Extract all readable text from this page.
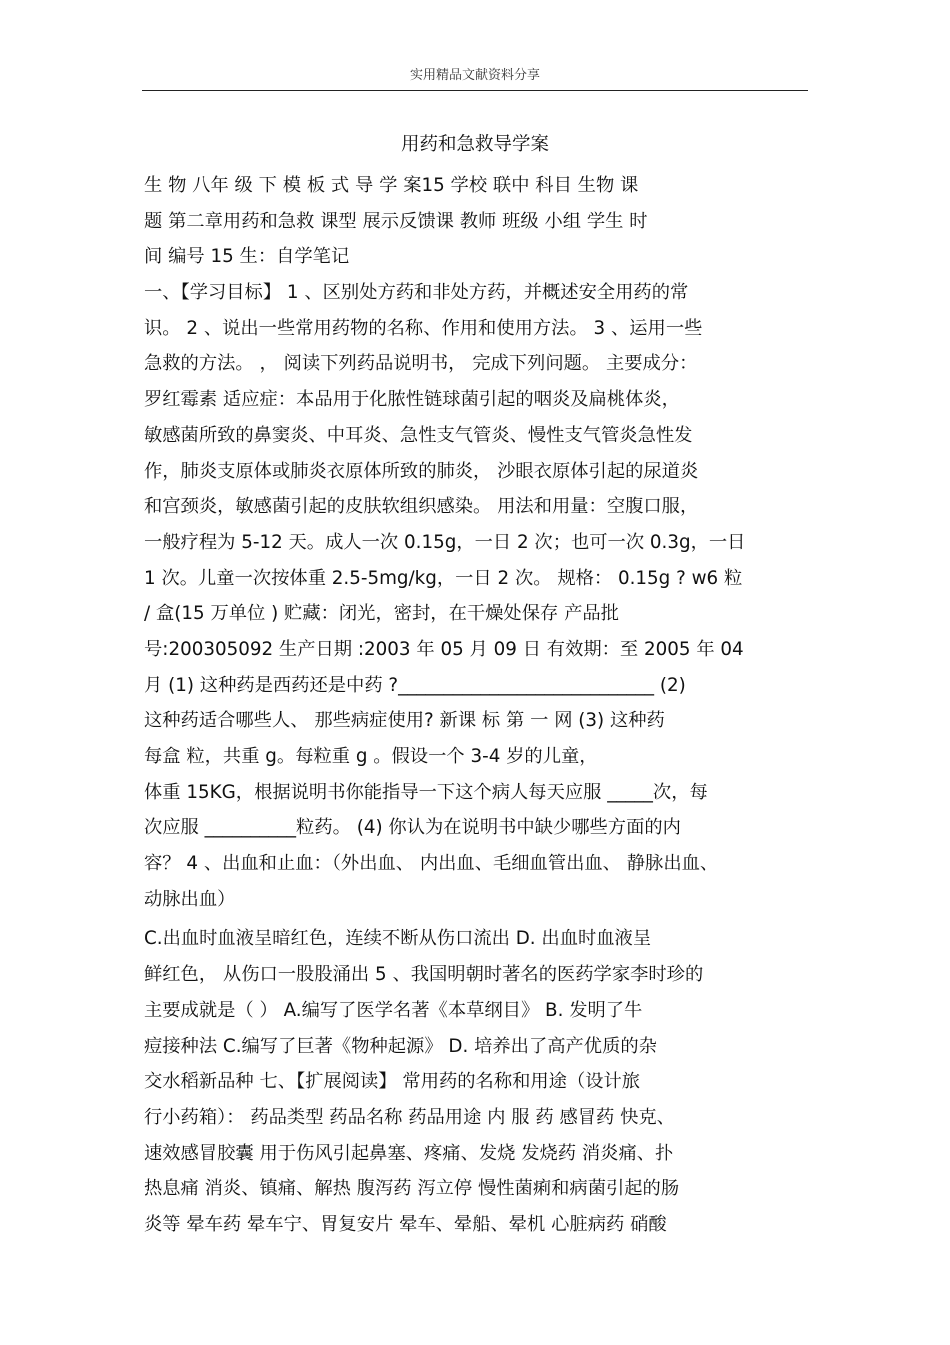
实用精品文献资料分享
用药和急救导学案
生 物 八年 级 下 模 板 式 导 学 案15 学校 联中 科目 生物 课
题 第二章用药和急救 课型 展示反馈课 教师 班级 小组 学生 时
间 编号 15 生：自学笔记
一、【学习目标】 1 、区别处方药和非处方药，并概述安全用药的常
识。 2 、说出一些常用药物的名称、作用和使用方法。 3 、运用一些
急救的方法。 ， 阅读下列药品说明书， 完成下列问题。 主要成分：
罗红霉素 适应症：本品用于化脓性链球菌引起的咽炎及扁桃体炎，
敏感菌所致的鼻窦炎、中耳炎、急性支气管炎、慢性支气管炎急性发
作，肺炎支原体或肺炎衣原体所致的肺炎， 沙眼衣原体引起的尿道炎
和宫颈炎，敏感菌引起的皮肤软组织感染。 用法和用量：空腹口服，
一般疗程为 5-12 天。成人一次 0.15g，一日 2 次；也可一次 0.3g，一日
1 次。儿童一次按体重 2.5-5mg/kg，一日 2 次。 规格： 0.15g ? w6 粒
/ 盒(15 万单位 ) 贮藏：闭光，密封，在干燥处保存 产品批
号:200305092 生产日期 :2003 年 05 月 09 日 有效期：至 2005 年 04
月 (1) 这种药是西药还是中药 ?____________________________ (2)
这种药适合哪些人、 那些病症使用? 新课 标 第 一 网 (3) 这种药
每盒 粒，共重 g。每粒重 g 。假设一个 3-4 岁的儿童，
体重 15KG，根据说明书你能指导一下这个病人每天应服 _____次，每
次应服 __________粒药。 (4) 你认为在说明书中缺少哪些方面的内
容？ 4 、出血和止血：（外出血、 内出血、毛细血管出血、 静脉出血、
动脉出血）
C.出血时血液呈暗红色，连续不断从伤口流出 D. 出血时血液呈
鲜红色， 从伤口一股股涌出 5 、我国明朝时著名的医药学家李时珍的
主要成就是（ ） A.编写了医学名著《本草纲目》 B. 发明了牛
痘接种法 C.编写了巨著《物种起源》 D. 培养出了高产优质的杂
交水稻新品种 七、【扩展阅读】 常用药的名称和用途（设计旅
行小药箱）： 药品类型 药品名称 药品用途 内 服 药 感冒药 快克、
速效感冒胶囊 用于伤风引起鼻塞、疼痛、发烧 发烧药 消炎痛、扑
热息痛 消炎、镇痛、解热 腹泻药 泻立停 慢性菌痢和病菌引起的肠
炎等 晕车药 晕车宁、胃复安片 晕车、晕船、晕机 心脏病药 硝酸
